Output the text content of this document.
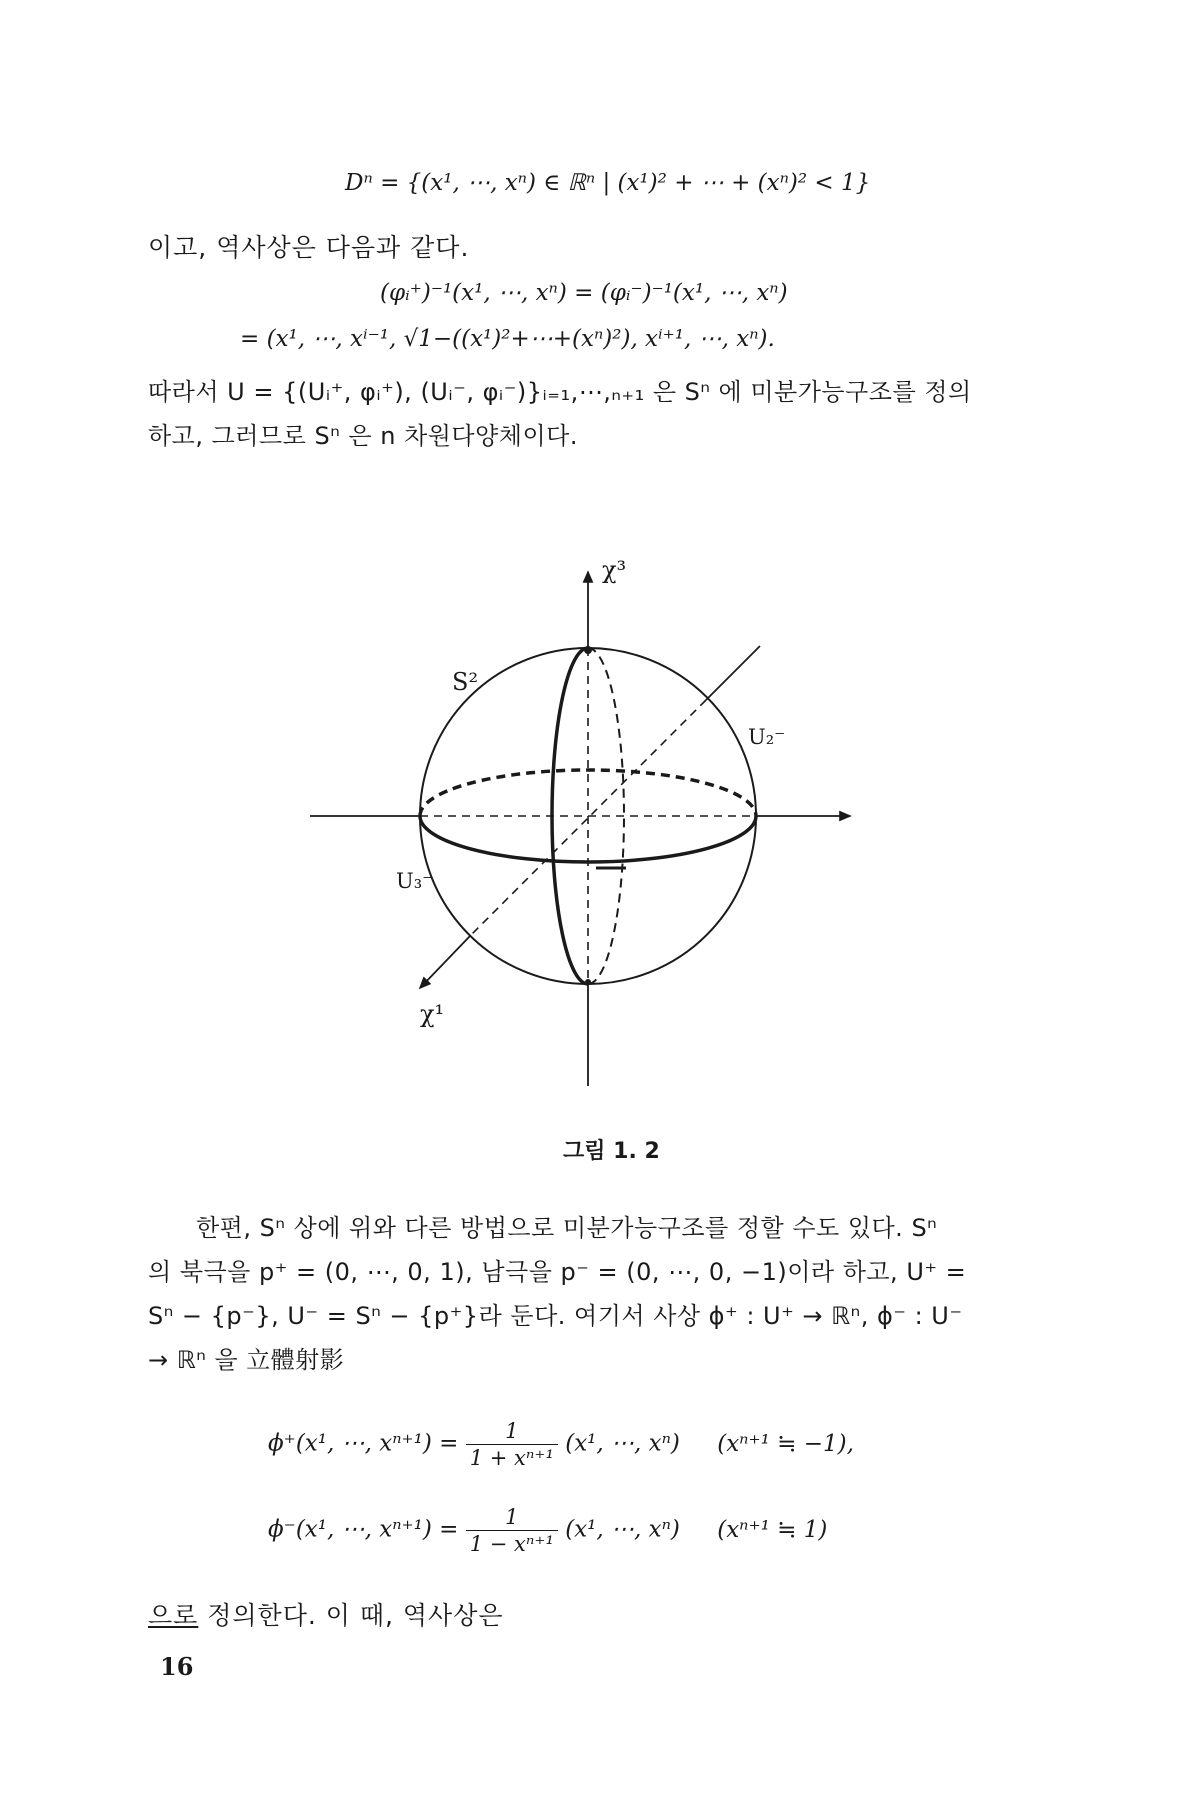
Dⁿ = {(x¹, ⋯, xⁿ) ∈ ℝⁿ | (x¹)² + ⋯ + (xⁿ)² < 1}
이고, 역사상은 다음과 같다.
(φᵢ⁺)⁻¹(x¹, ⋯, xⁿ) = (φᵢ⁻)⁻¹(x¹, ⋯, xⁿ)
= (x¹, ⋯, xⁱ⁻¹, √1−((x¹)²+⋯+(xⁿ)²), xⁱ⁺¹, ⋯, xⁿ).
따라서 U = {(Uᵢ⁺, φᵢ⁺), (Uᵢ⁻, φᵢ⁻)}ᵢ₌₁,⋯,ₙ₊₁ 은 Sⁿ 에 미분가능구조를 정의
하고, 그러므로 Sⁿ 은 n 차원다양체이다.
χ³
χ¹
S²
U₂⁻
U₃⁻
그림 1. 2
한편, Sⁿ 상에 위와 다른 방법으로 미분가능구조를 정할 수도 있다. Sⁿ
의 북극을 p⁺ = (0, ⋯, 0, 1), 남극을 p⁻ = (0, ⋯, 0, −1)이라 하고, U⁺ =
Sⁿ − {p⁻}, U⁻ = Sⁿ − {p⁺}라 둔다. 여기서 사상 ϕ⁺ : U⁺ → ℝⁿ, ϕ⁻ : U⁻
→ ℝⁿ 을 立體射影
ϕ⁺(x¹, ⋯, $x^{n+1}) = \frac{1}{\text{1 + xⁿ⁺¹}} (x^1$, ⋯, xⁿ) (xⁿ⁺¹ ≒ −1),
ϕ⁻(x¹, ⋯, $x^{n+1}) = \frac{1}{\text{1 − xⁿ⁺¹}} (x^1$, ⋯, xⁿ) (xⁿ⁺¹ ≒ 1)
으로 정의한다. 이 때, 역사상은
16
